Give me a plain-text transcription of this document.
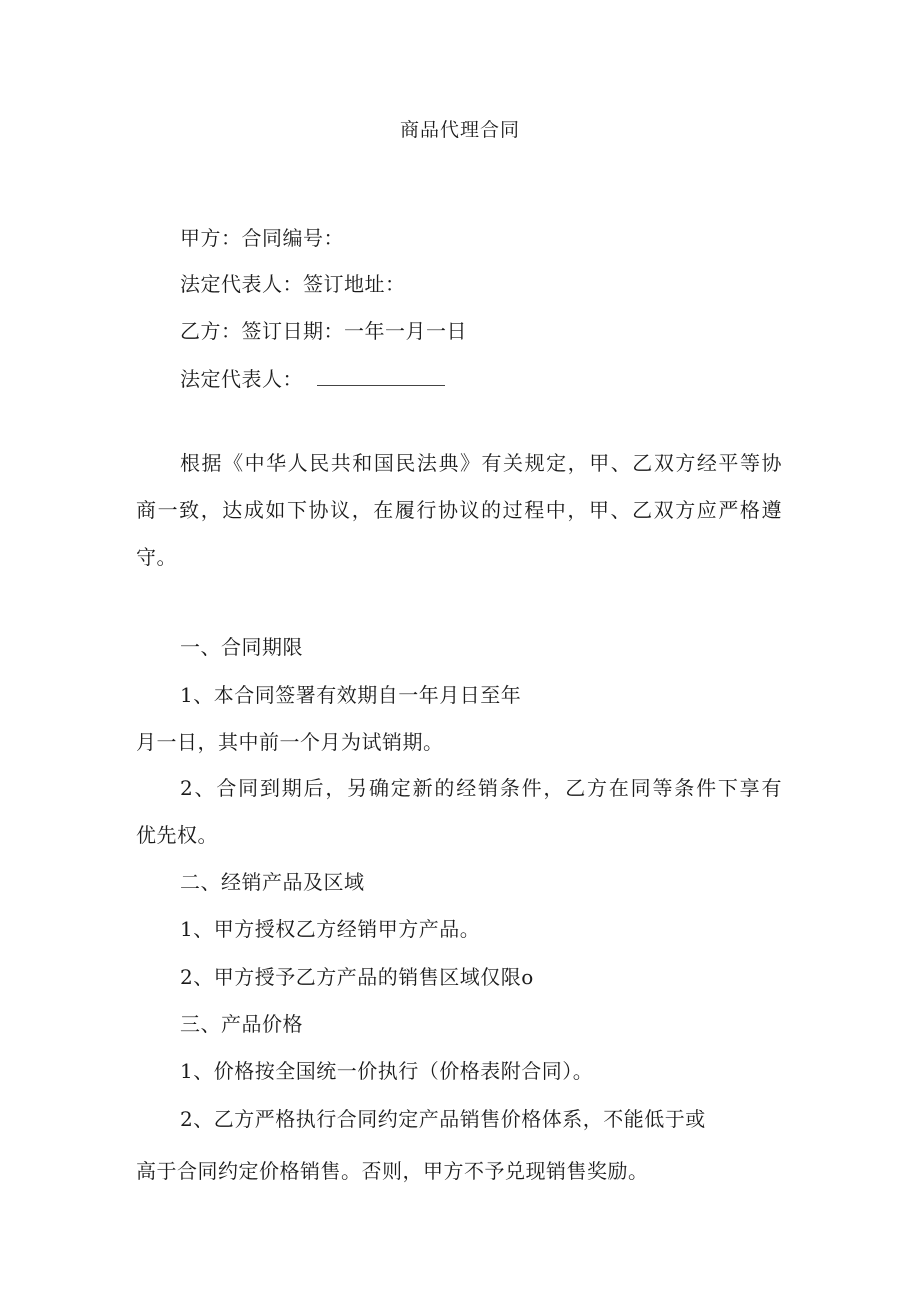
商品代理合同
甲方：合同编号：
法定代表人：签订地址：
乙方：签订日期：一年一月一日
法定代表人：
根据《中华人民共和国民法典》有关规定，甲、乙双方经平等协
商一致，达成如下协议，在履行协议的过程中，甲、乙双方应严格遵
守。
一、合同期限
1、本合同签署有效期自一年月日至年
月一日，其中前一个月为试销期。
2、合同到期后，另确定新的经销条件，乙方在同等条件下享有
优先权。
二、经销产品及区域
1、甲方授权乙方经销甲方产品。
2、甲方授予乙方产品的销售区域仅限o
三、产品价格
1、价格按全国统一价执行（价格表附合同）。
2、乙方严格执行合同约定产品销售价格体系，不能低于或
高于合同约定价格销售。否则，甲方不予兑现销售奖励。
